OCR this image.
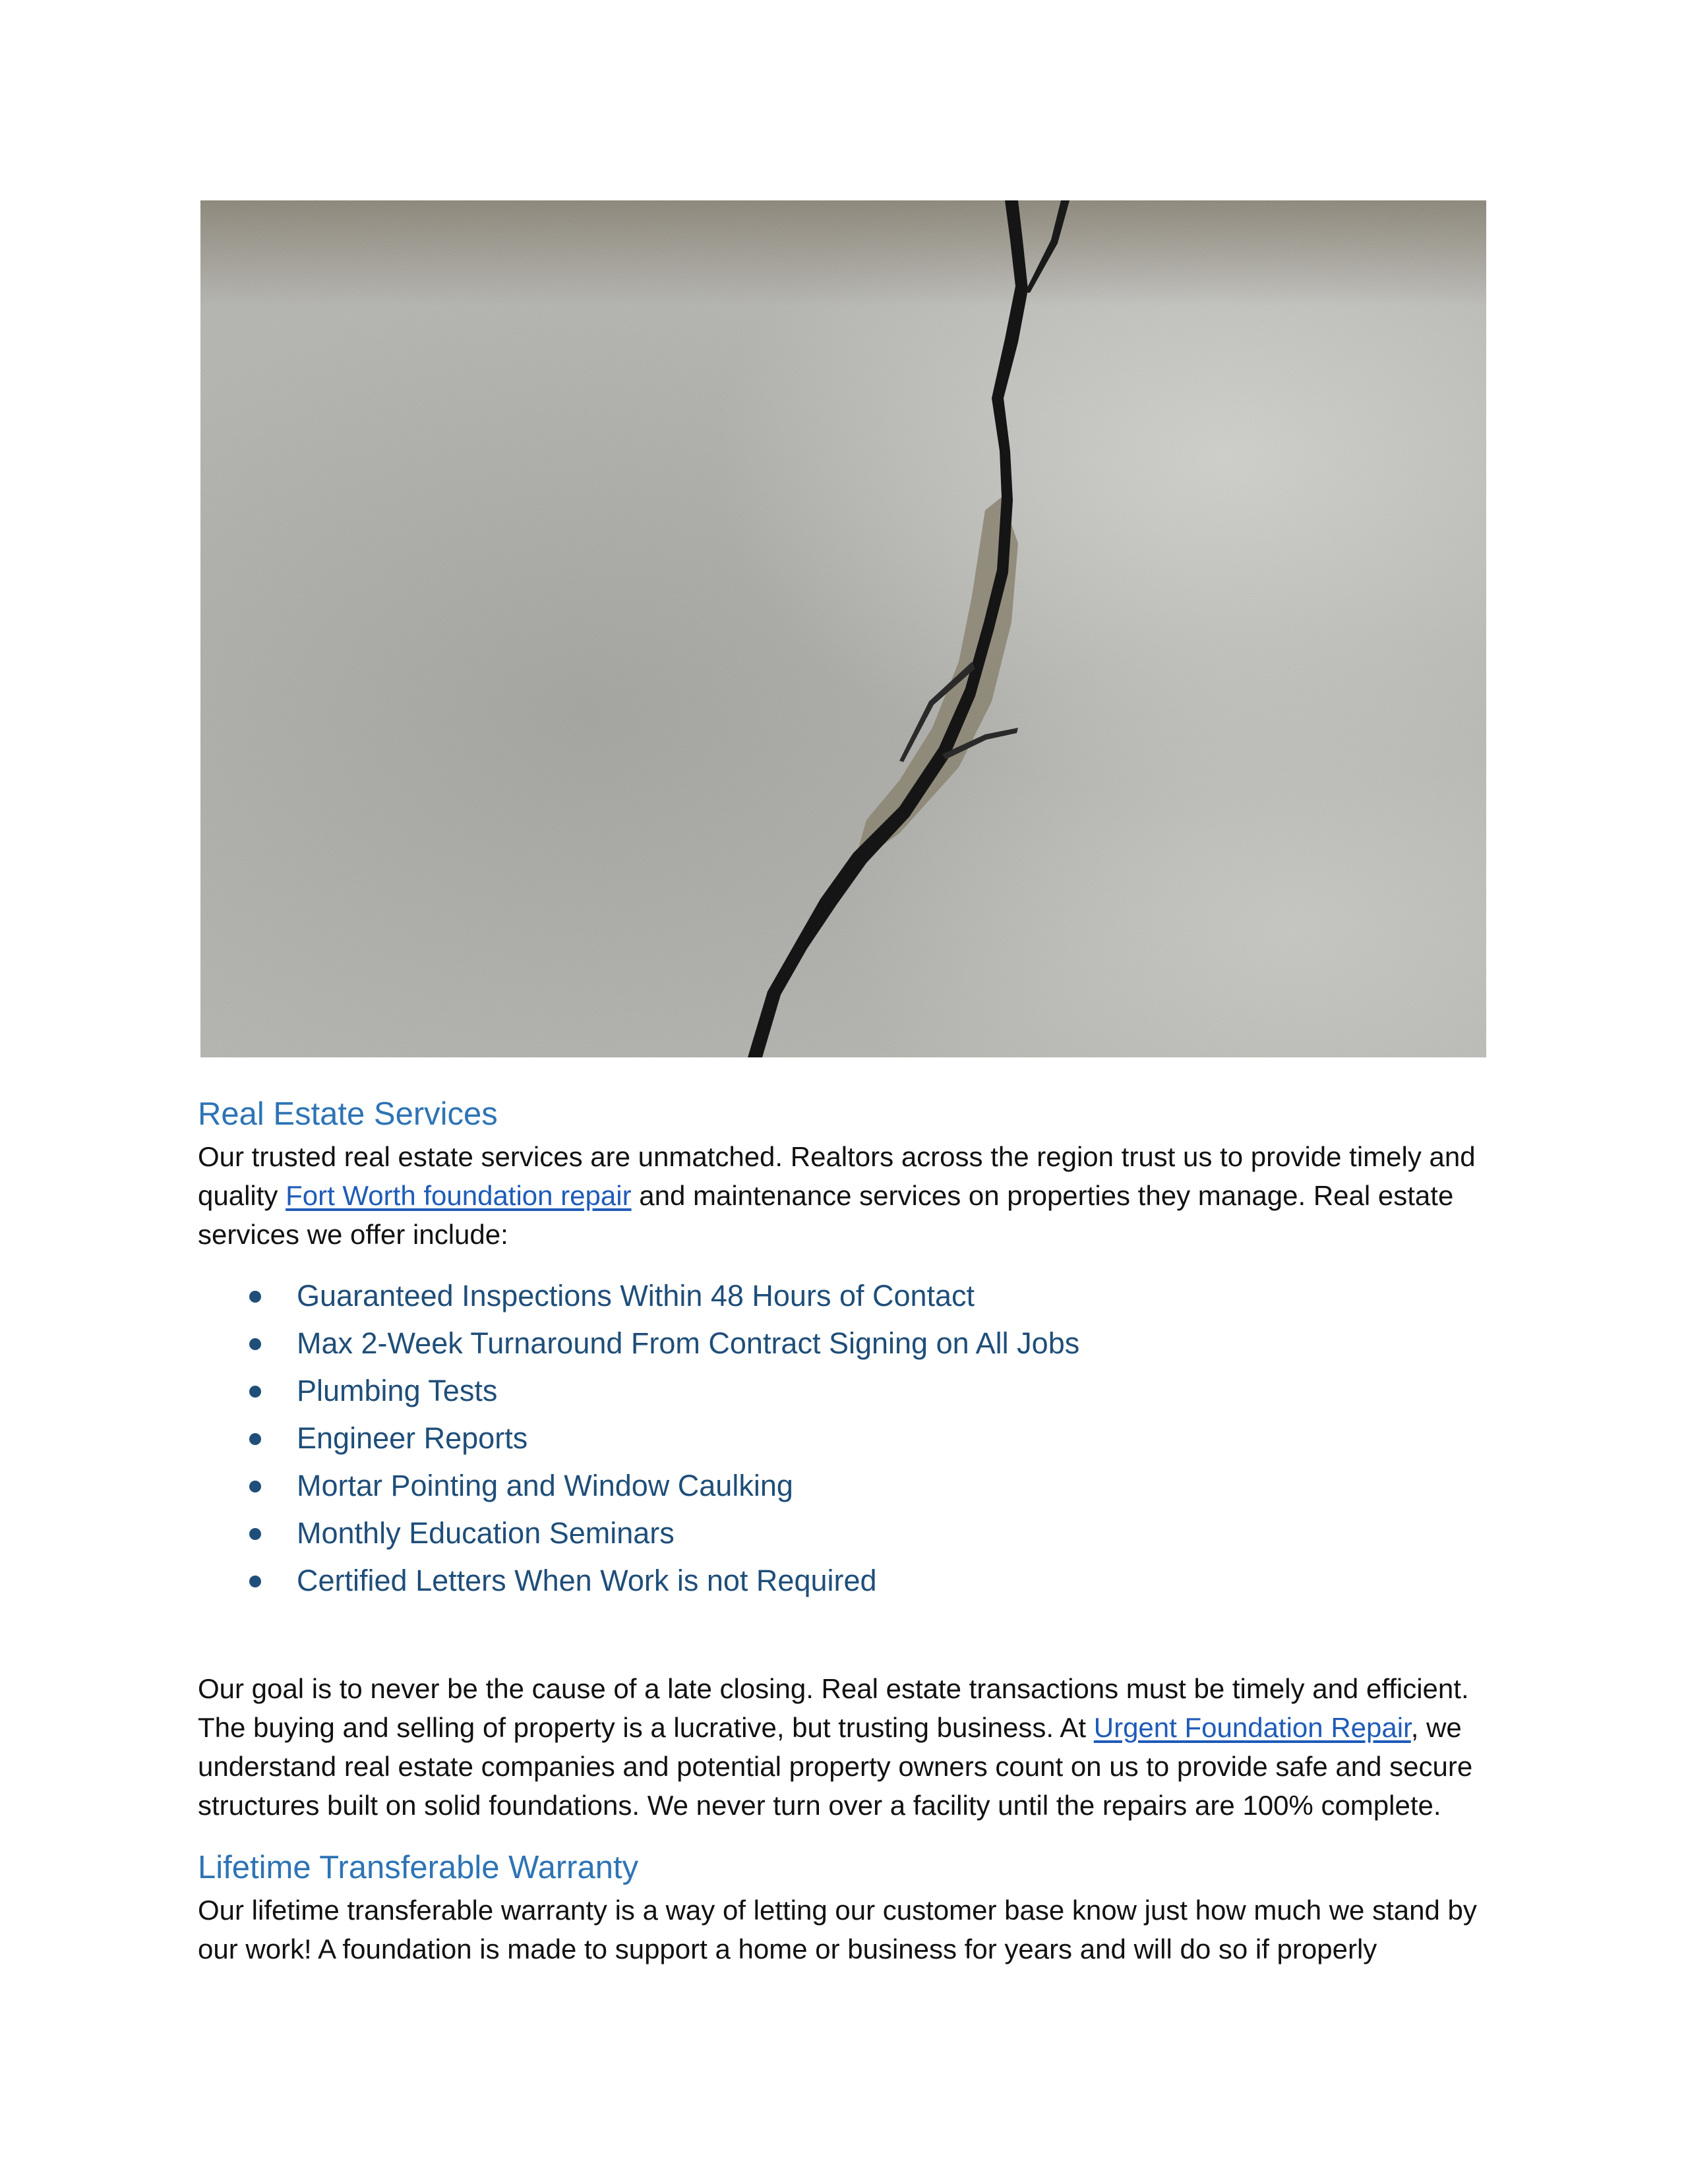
Real Estate Services

Our trusted real estate services are unmatched. Realtors across the region trust us to provide timely and quality Fort Worth foundation repair and maintenance services on properties they manage. Real estate services we offer include:

Guaranteed Inspections Within 48 Hours of Contact
Max 2-Week Turnaround From Contract Signing on All Jobs
Plumbing Tests
Engineer Reports
Mortar Pointing and Window Caulking
Monthly Education Seminars
Certified Letters When Work is not Required

Our goal is to never be the cause of a late closing. Real estate transactions must be timely and efficient. The buying and selling of property is a lucrative, but trusting business. At Urgent Foundation Repair, we understand real estate companies and potential property owners count on us to provide safe and secure structures built on solid foundations. We never turn over a facility until the repairs are 100% complete.

Lifetime Transferable Warranty

Our lifetime transferable warranty is a way of letting our customer base know just how much we stand by our work! A foundation is made to support a home or business for years and will do so if properly
